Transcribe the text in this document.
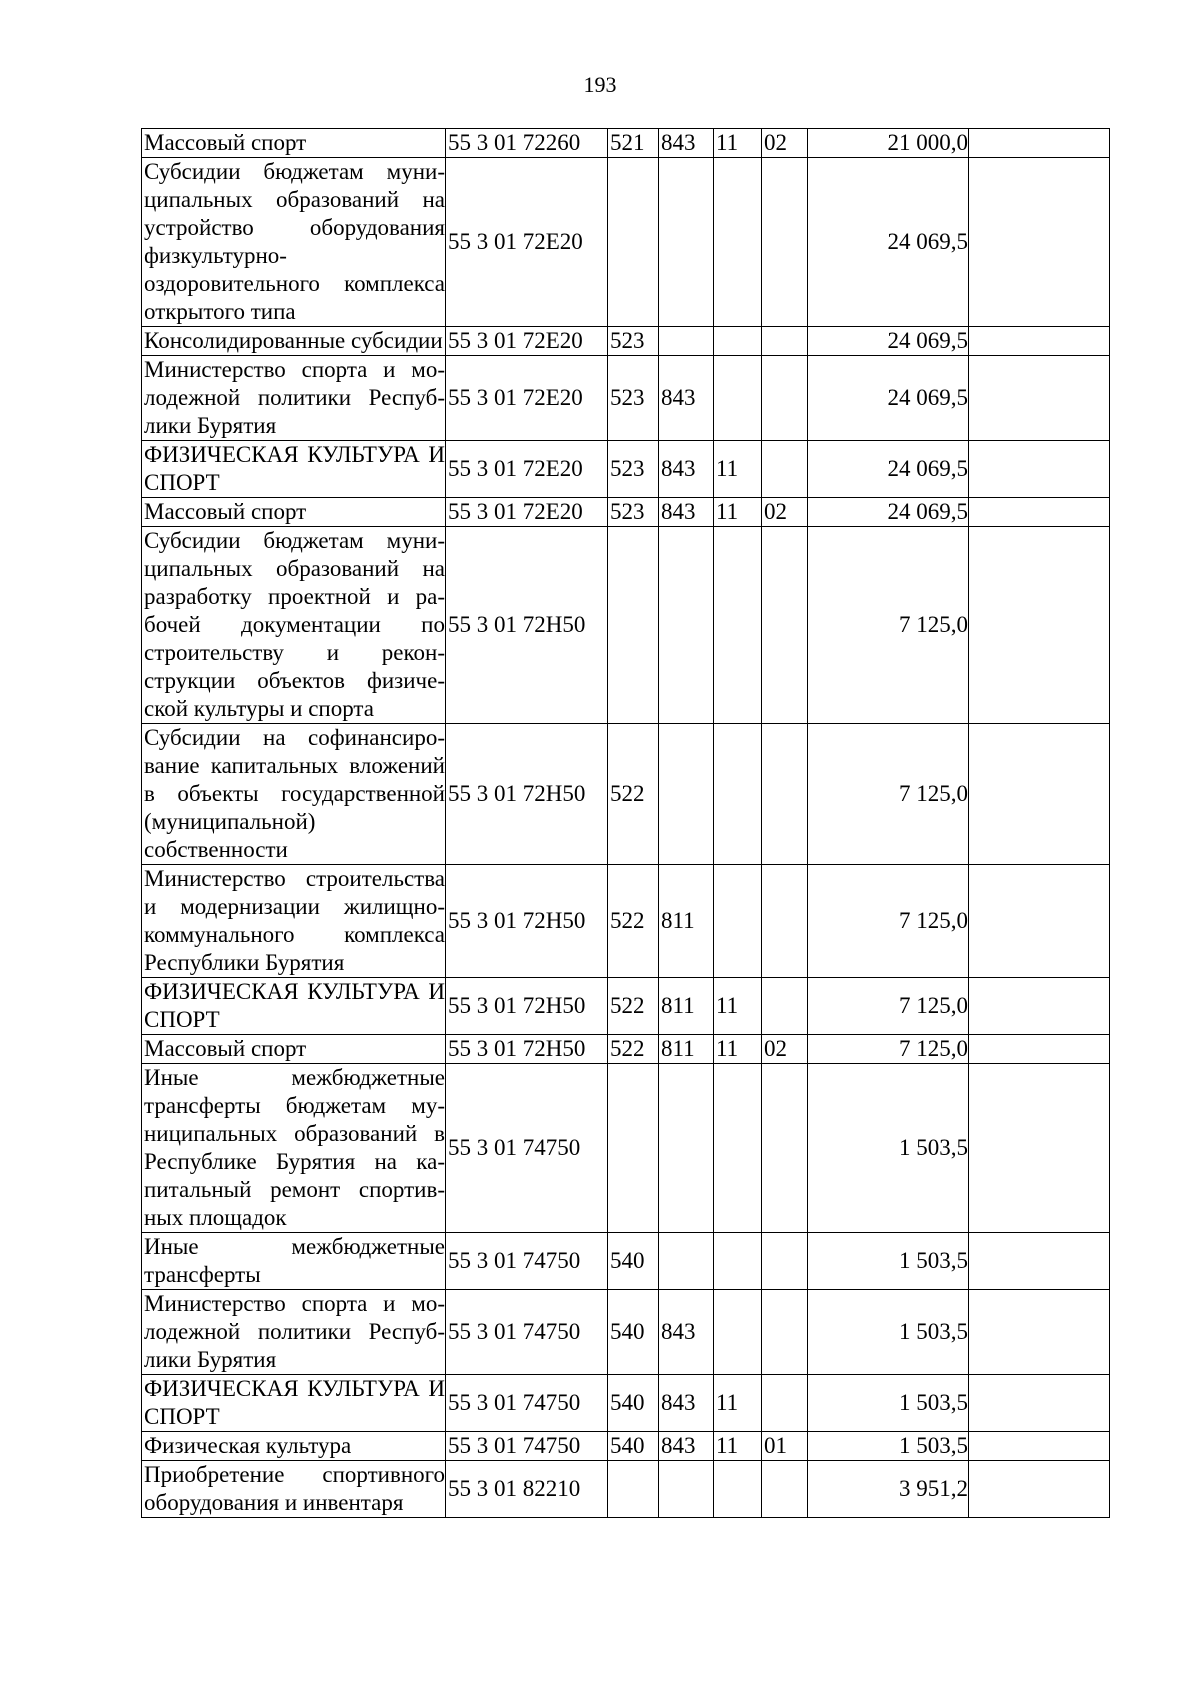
193
Массовый спорт	55 3 01 72260	521	843	11	02	21 000,0	
Субсидии бюджетам муниципальных образований на устройство оборудования физкультурно-оздоровительного комплекса открытого типа	55 3 01 72Е20					24 069,5	
Консолидированные субсидии	55 3 01 72Е20	523				24 069,5	
Министерство спорта и молодежной политики Республики Бурятия	55 3 01 72Е20	523	843			24 069,5	
ФИЗИЧЕСКАЯ КУЛЬТУРА И СПОРТ	55 3 01 72Е20	523	843	11		24 069,5	
Массовый спорт	55 3 01 72Е20	523	843	11	02	24 069,5	
Субсидии бюджетам муниципальных образований на разработку проектной и рабочей документации по строительству и реконструкции объектов физической культуры и спорта	55 3 01 72Н50					7 125,0	
Субсидии на софинансирование капитальных вложений в объекты государственной (муниципальной) собственности	55 3 01 72Н50	522				7 125,0	
Министерство строительства и модернизации жилищно-коммунального комплекса Республики Бурятия	55 3 01 72Н50	522	811			7 125,0	
ФИЗИЧЕСКАЯ КУЛЬТУРА И СПОРТ	55 3 01 72Н50	522	811	11		7 125,0	
Массовый спорт	55 3 01 72Н50	522	811	11	02	7 125,0	
Иные межбюджетные трансферты бюджетам муниципальных образований в Республике Бурятия на капитальный ремонт спортивных площадок	55 3 01 74750					1 503,5	
Иные межбюджетные трансферты	55 3 01 74750	540				1 503,5	
Министерство спорта и молодежной политики Республики Бурятия	55 3 01 74750	540	843			1 503,5	
ФИЗИЧЕСКАЯ КУЛЬТУРА И СПОРТ	55 3 01 74750	540	843	11		1 503,5	
Физическая культура	55 3 01 74750	540	843	11	01	1 503,5	
Приобретение спортивного оборудования и инвентаря	55 3 01 82210					3 951,2	
